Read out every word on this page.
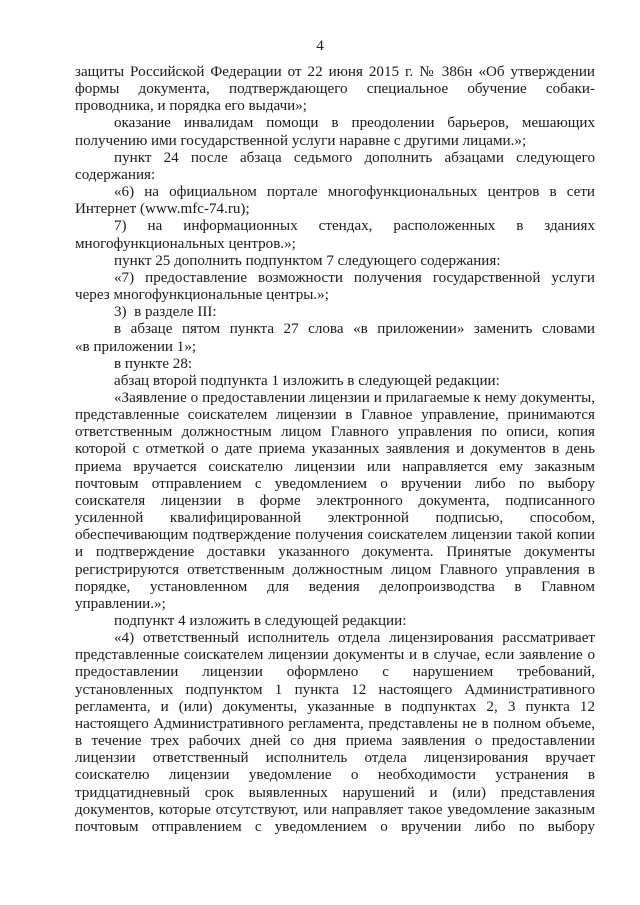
4
защиты Российской Федерации от 22 июня 2015 г. № 386н «Об утверждении
формы документа, подтверждающего специальное обучение собаки-
проводника, и порядка его выдачи»;
оказание инвалидам помощи в преодолении барьеров, мешающих
получению ими государственной услуги наравне с другими лицами.»;
пункт 24 после абзаца седьмого дополнить абзацами следующего
содержания:
«6) на официальном портале многофункциональных центров в сети
Интернет (www.mfc-74.ru);
7) на информационных стендах, расположенных в зданиях
многофункциональных центров.»;
пункт 25 дополнить подпунктом 7 следующего содержания:
«7) предоставление возможности получения государственной услуги
через многофункциональные центры.»;
3)  в разделе III:
в абзаце пятом пункта 27 слова «в приложении» заменить словами
«в приложении 1»;
в пункте 28:
абзац второй подпункта 1 изложить в следующей редакции:
«Заявление о предоставлении лицензии и прилагаемые к нему документы,
представленные соискателем лицензии в Главное управление, принимаются
ответственным должностным лицом Главного управления по описи, копия
которой с отметкой о дате приема указанных заявления и документов в день
приема вручается соискателю лицензии или направляется ему заказным
почтовым отправлением с уведомлением о вручении либо по выбору
соискателя лицензии в форме электронного документа, подписанного
усиленной квалифицированной электронной подписью, способом,
обеспечивающим подтверждение получения соискателем лицензии такой копии
и подтверждение доставки указанного документа. Принятые документы
регистрируются ответственным должностным лицом Главного управления в
порядке, установленном для ведения делопроизводства в Главном
управлении.»;
подпункт 4 изложить в следующей редакции:
«4) ответственный исполнитель отдела лицензирования рассматривает
представленные соискателем лицензии документы и в случае, если заявление о
предоставлении лицензии оформлено с нарушением требований,
установленных подпунктом 1 пункта 12 настоящего Административного
регламента, и (или) документы, указанные в подпунктах 2, 3 пункта 12
настоящего Административного регламента, представлены не в полном объеме,
в течение трех рабочих дней со дня приема заявления о предоставлении
лицензии ответственный исполнитель отдела лицензирования вручает
соискателю лицензии уведомление о необходимости устранения в
тридцатидневный срок выявленных нарушений и (или) представления
документов, которые отсутствуют, или направляет такое уведомление заказным
почтовым отправлением с уведомлением о вручении либо по выбору
